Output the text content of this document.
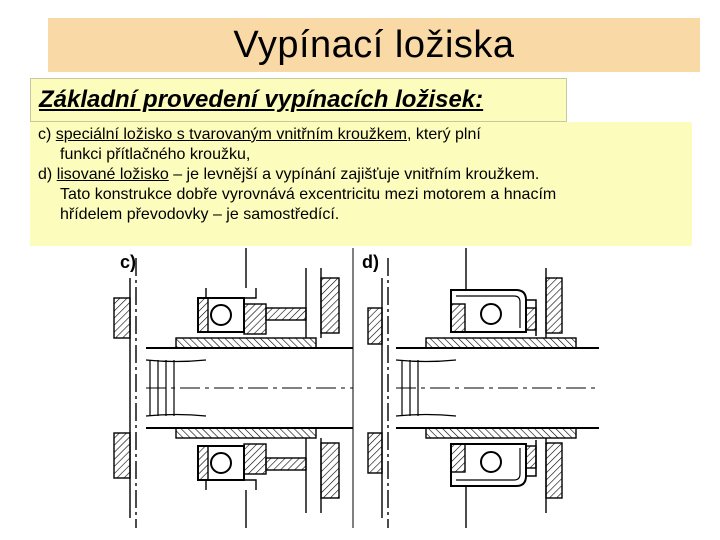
Vypínací ložiska
Základní provedení vypínacích ložisek:

c) speciální ložisko s tvarovaným vnitřním kroužkem, který plní
funkci přítlačného kroužku,

d) lisované ložisko – je levnější a vypínání zajišťuje vnitřním kroužkem.
Tato konstrukce dobře vyrovnává excentricitu mezi motorem a hnacím
hřídelem převodovky – je samostředící.

c)	d)
